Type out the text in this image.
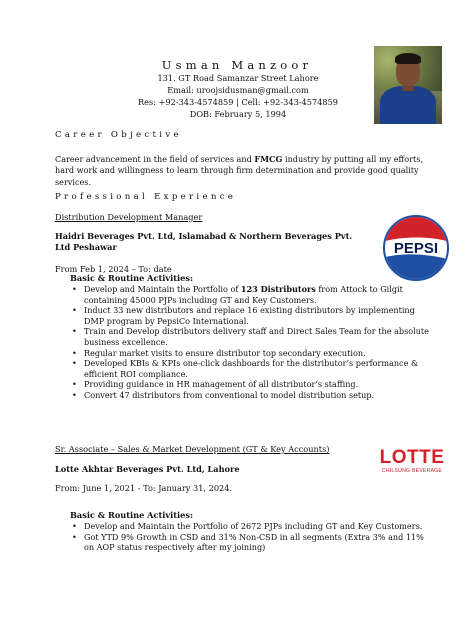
Usman Manzoor
131. GT Road Samanzar Street Lahore
Email: uroojsidusman@gmail.com
Res: +92-343-4574859 | Cell: +92-343-4574859
DOB: February 5, 1994
Career Objective
Career advancement in the field of services and FMCG industry by putting all my efforts, hard work and willingness to learn through firm determination and provide good quality services.
Professional Experience
Distribution Development Manager
Haidri Beverages Pvt. Ltd, Islamabad & Northern Beverages Pvt. Ltd Peshawar
From Feb 1, 2024 – To: date
Basic & Routine Activities:
• Develop and Maintain the Portfolio of 123 Distributors from Attock to Gilgit containing 45000 PJPs including GT and Key Customers.
• Induct 33 new distributors and replace 16 existing distributors by implementing DMP program by PepsiCo International.
• Train and Develop distributors delivery staff and Direct Sales Team for the absolute business excellence.
• Regular market visits to ensure distributor top secondary execution.
• Developed KBIs & KPIs one-click dashboards for the distributor’s performance & efficient ROI compliance.
• Providing guidance in HR management of all distributor’s staffing.
• Convert 47 distributors from conventional to model distribution setup.
PEPSI
Sr. Associate – Sales & Market Development (GT & Key Accounts)
Lotte Akhtar Beverages Pvt. Ltd, Lahore
From: June 1, 2021 - To: January 31, 2024.
Basic & Routine Activities:
• Develop and Maintain the Portfolio of 2672 PJPs including GT and Key Customers.
• Got YTD 9% Growth in CSD and 31% Non-CSD in all segments (Extra 3% and 11% on AOP status respectively after my joining)
LOTTE
CHILSUNG BEVERAGE
